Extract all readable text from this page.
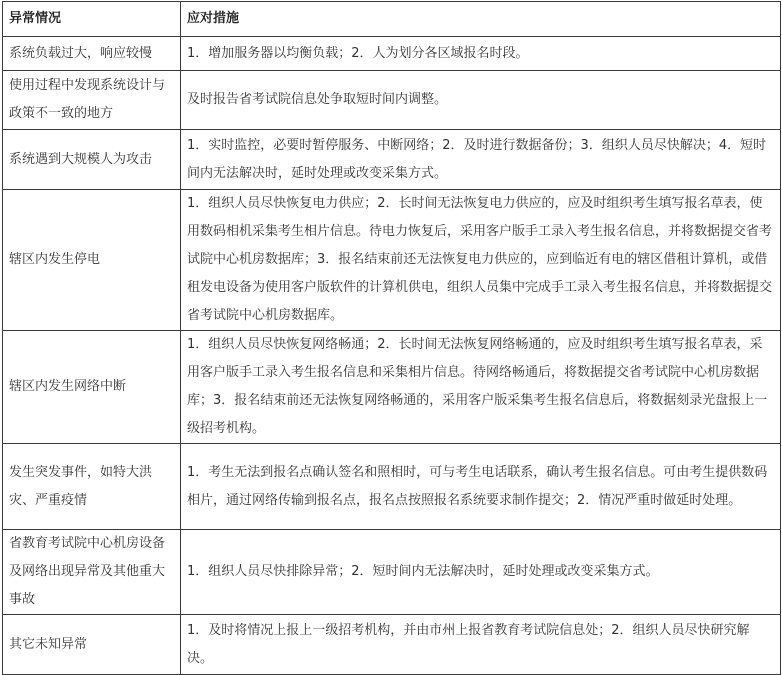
异常情况	应对措施
系统负载过大，响应较慢	1．增加服务器以均衡负载；2．人为划分各区域报名时段。
使用过程中发现系统设计与政策不一致的地方	及时报告省考试院信息处争取短时间内调整。
系统遇到大规模人为攻击	1．实时监控，必要时暂停服务、中断网络；2．及时进行数据备份；3．组织人员尽快解决；4．短时间内无法解决时，延时处理或改变采集方式。
辖区内发生停电	1．组织人员尽快恢复电力供应；2．长时间无法恢复电力供应的，应及时组织考生填写报名草表，使用数码相机采集考生相片信息。待电力恢复后，采用客户版手工录入考生报名信息，并将数据提交省考试院中心机房数据库；3．报名结束前还无法恢复电力供应的，应到临近有电的辖区借租计算机，或借租发电设备为使用客户版软件的计算机供电，组织人员集中完成手工录入考生报名信息，并将数据提交省考试院中心机房数据库。
辖区内发生网络中断	1．组织人员尽快恢复网络畅通；2．长时间无法恢复网络畅通的，应及时组织考生填写报名草表，采用客户版手工录入考生报名信息和采集相片信息。待网络畅通后，将数据提交省考试院中心机房数据库；3．报名结束前还无法恢复网络畅通的，采用客户版采集考生报名信息后，将数据刻录光盘报上一级招考机构。
发生突发事件，如特大洪灾、严重疫情	1．考生无法到报名点确认签名和照相时，可与考生电话联系，确认考生报名信息。可由考生提供数码相片，通过网络传输到报名点，报名点按照报名系统要求制作提交；2．情况严重时做延时处理。
省教育考试院中心机房设备及网络出现异常及其他重大事故	1．组织人员尽快排除异常；2．短时间内无法解决时，延时处理或改变采集方式。
其它未知异常	1．及时将情况上报上一级招考机构，并由市州上报省教育考试院信息处；2．组织人员尽快研究解决。
